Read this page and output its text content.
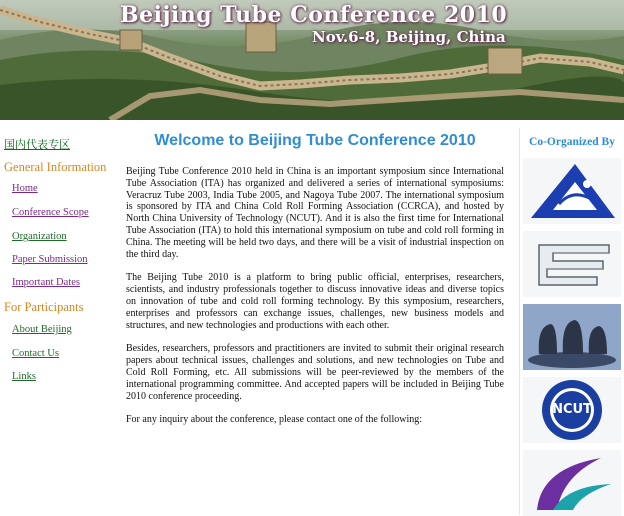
Beijing Tube Conference 2010

Nov.6-8, Beijing, China

国内代表专区
General Information
Home
Conference Scope
Organization
Paper Submission
Important Dates
For Participants
About Beijing
Contact Us
Links
Welcome to Beijing Tube Conference 2010

Beijing Tube Conference 2010 held in China is an important symposium since International Tube Association (ITA) has organized and delivered a series of international symposiums: Veracruz Tube 2003, India Tube 2005, and Nagoya Tube 2007. The international symposium is sponsored by ITA and China Cold Roll Forming Association (CCRCA), and hosted by North China University of Technology (NCUT). And it is also the first time for International Tube Association (ITA) to hold this international symposium on tube and cold roll forming in China. The meeting will be held two days, and there will be a visit of industrial inspection on the third day.

The Beijing Tube 2010 is a platform to bring public official, enterprises, researchers, scientists, and industry professionals together to discuss innovative ideas and diverse topics on innovation of tube and cold roll forming technology. By this symposium, researchers, enterprises and professors can exchange issues, challenges, new business models and structures, and new technologies and productions with each other.

Besides, researchers, professors and practitioners are invited to submit their original research papers about technical issues, challenges and solutions, and new technologies on Tube and Cold Roll Forming, etc. All submissions will be peer-reviewed by the members of the international programming committee. And accepted papers will be included in Beijing Tube 2010 conference proceeding.

For any inquiry about the conference, please contact one of the following:

Co-Organized By
NCUT
